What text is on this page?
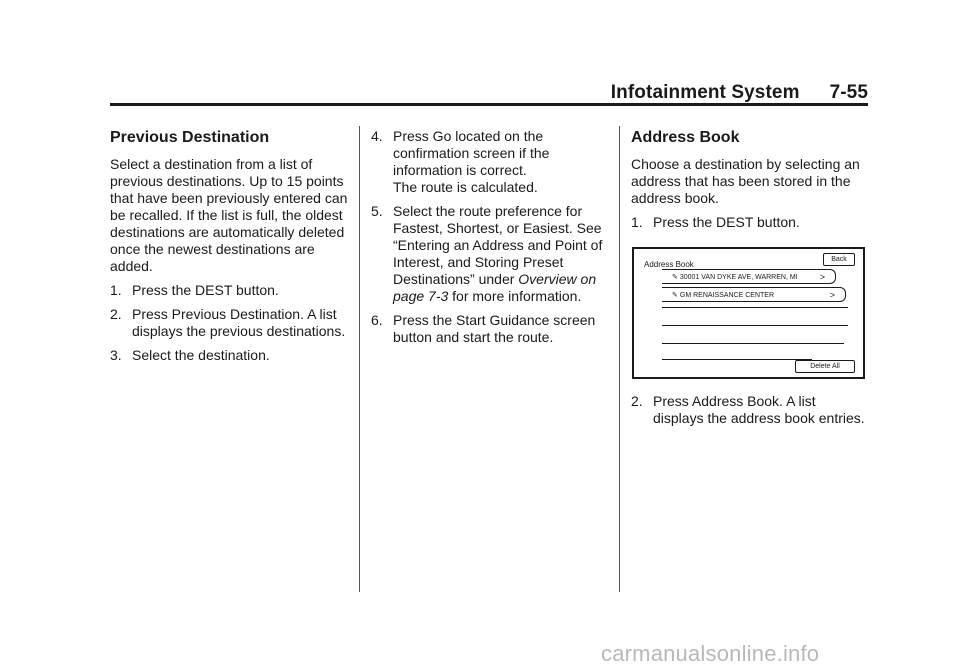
Infotainment System 7-55
Previous Destination

Select a destination from a list of previous destinations. Up to 15 points that have been previously entered can be recalled. If the list is full, the oldest destinations are automatically deleted once the newest destinations are added.

1. Press the DEST button.
2. Press Previous Destination. A list displays the previous destinations.
3. Select the destination.
4. Press Go located on the confirmation screen if the information is correct.
The route is calculated.
5. Select the route preference for Fastest, Shortest, or Easiest. See “Entering an Address and Point of Interest, and Storing Preset Destinations” under Overview on page 7-3 for more information.
6. Press the Start Guidance screen button and start the route.
Address Book

Choose a destination by selecting an address that has been stored in the address book.

1. Press the DEST button.
Address Book
Back
✎ 30001 VAN DYKE AVE, WARREN, MI >
✎ GM RENAISSANCE CENTER	>
Delete All
2. Press Address Book. A list displays the address book entries.
carmanualsonline.info
